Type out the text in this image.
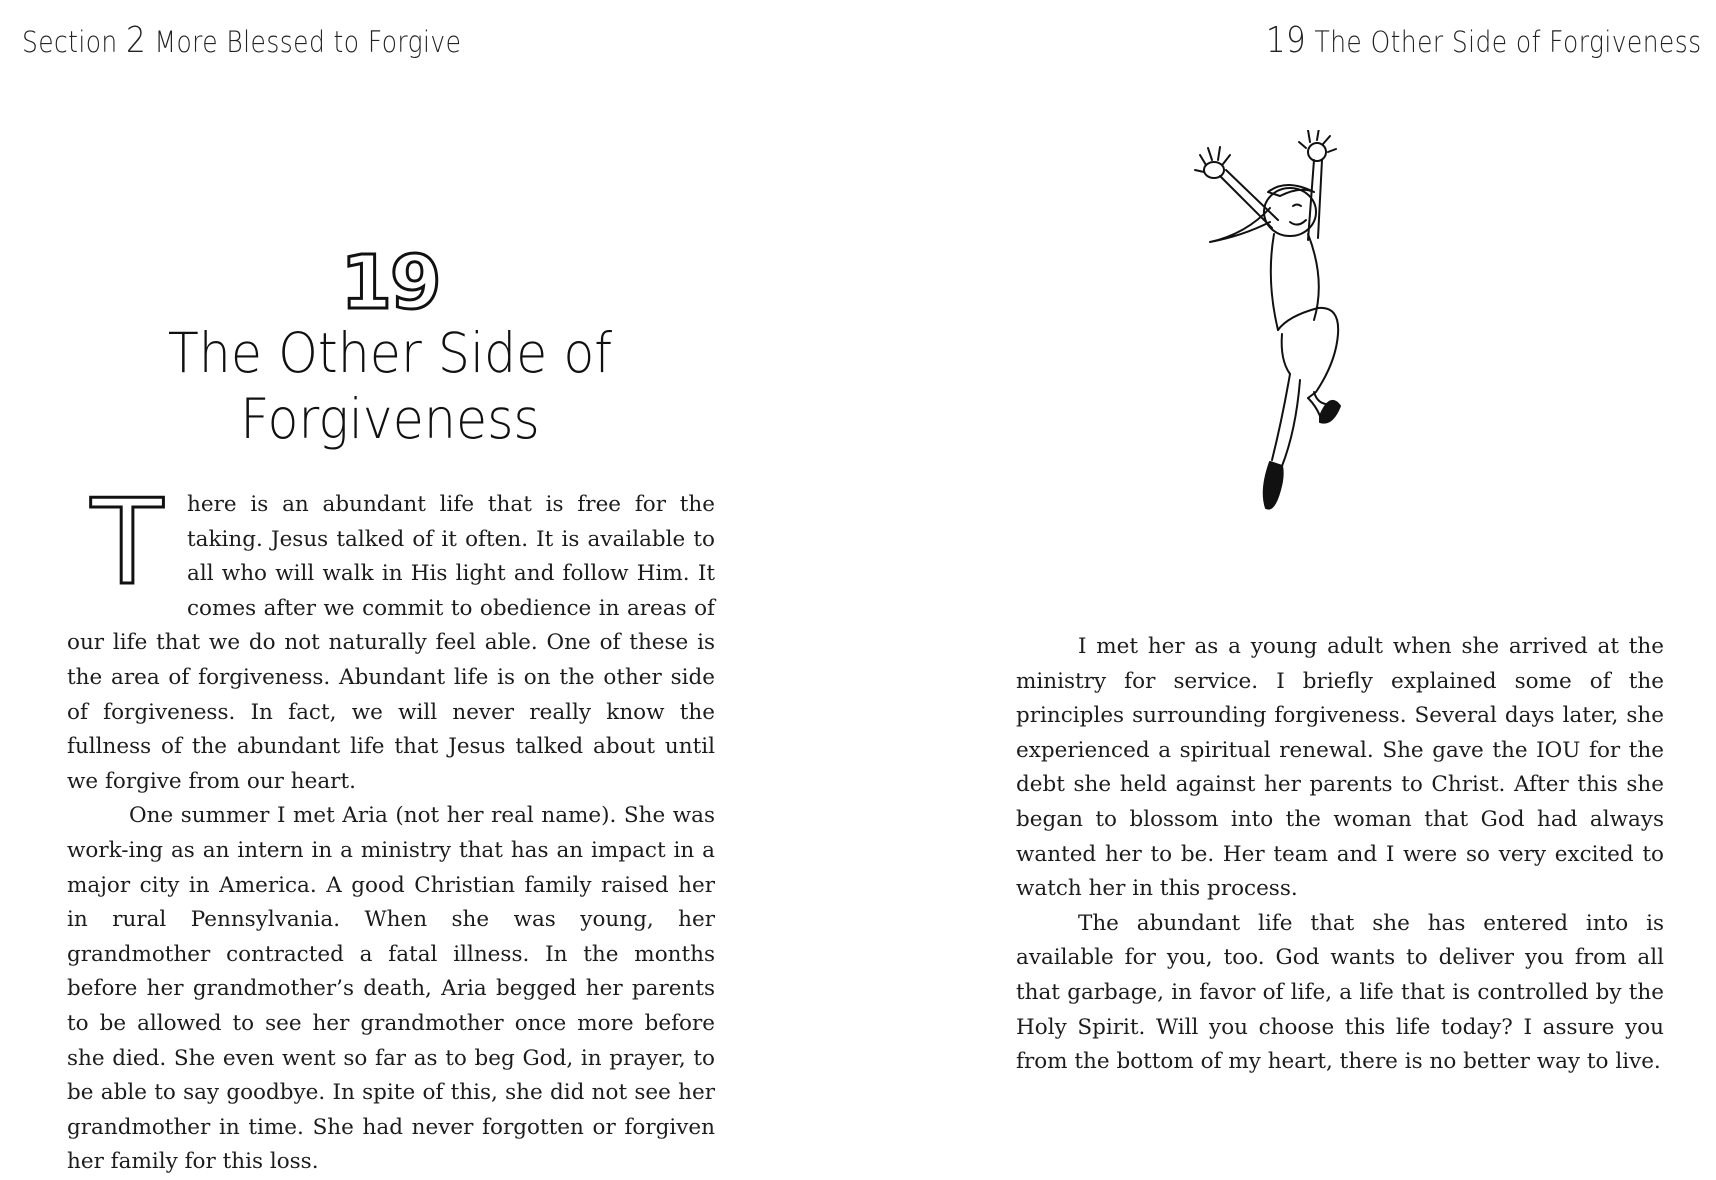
Section 2 More Blessed to Forgive	19 The Other Side of Forgiveness
19
The Other Side of
Forgiveness

T	here is an abundant life that is free for the taking. Jesus talked of it often. It is available to all who will walk in His light and follow Him. It comes after we commit to obedience in areas of our life that we do not naturally feel able. One of these is the area of forgiveness. Abundant life is on the other side of forgiveness. In fact, we will never really know the fullness of the abundant life that Jesus talked about until we forgive from our heart.

One summer I met Aria (not her real name). She was work-ing as an intern in a ministry that has an impact in a major city in America. A good Christian family raised her in rural Pennsylvania. When she was young, her grandmother contracted a fatal illness. In the months before her grandmother’s death, Aria begged her parents to be allowed to see her grandmother once more before she died. She even went so far as to beg God, in prayer, to be able to say goodbye. In spite of this, she did not see her grandmother in time. She had never forgotten or forgiven her family for this loss.

I met her as a young adult when she arrived at the ministry for service. I briefly explained some of the principles surrounding forgiveness. Several days later, she experienced a spiritual renewal. She gave the IOU for the debt she held against her parents to Christ. After this she began to blossom into the woman that God had always wanted her to be. Her team and I were so very excited to watch her in this process.

The abundant life that she has entered into is available for you, too. God wants to deliver you from all that garbage, in favor of life, a life that is controlled by the Holy Spirit. Will you choose this life today? I assure you from the bottom of my heart, there is no better way to live.
